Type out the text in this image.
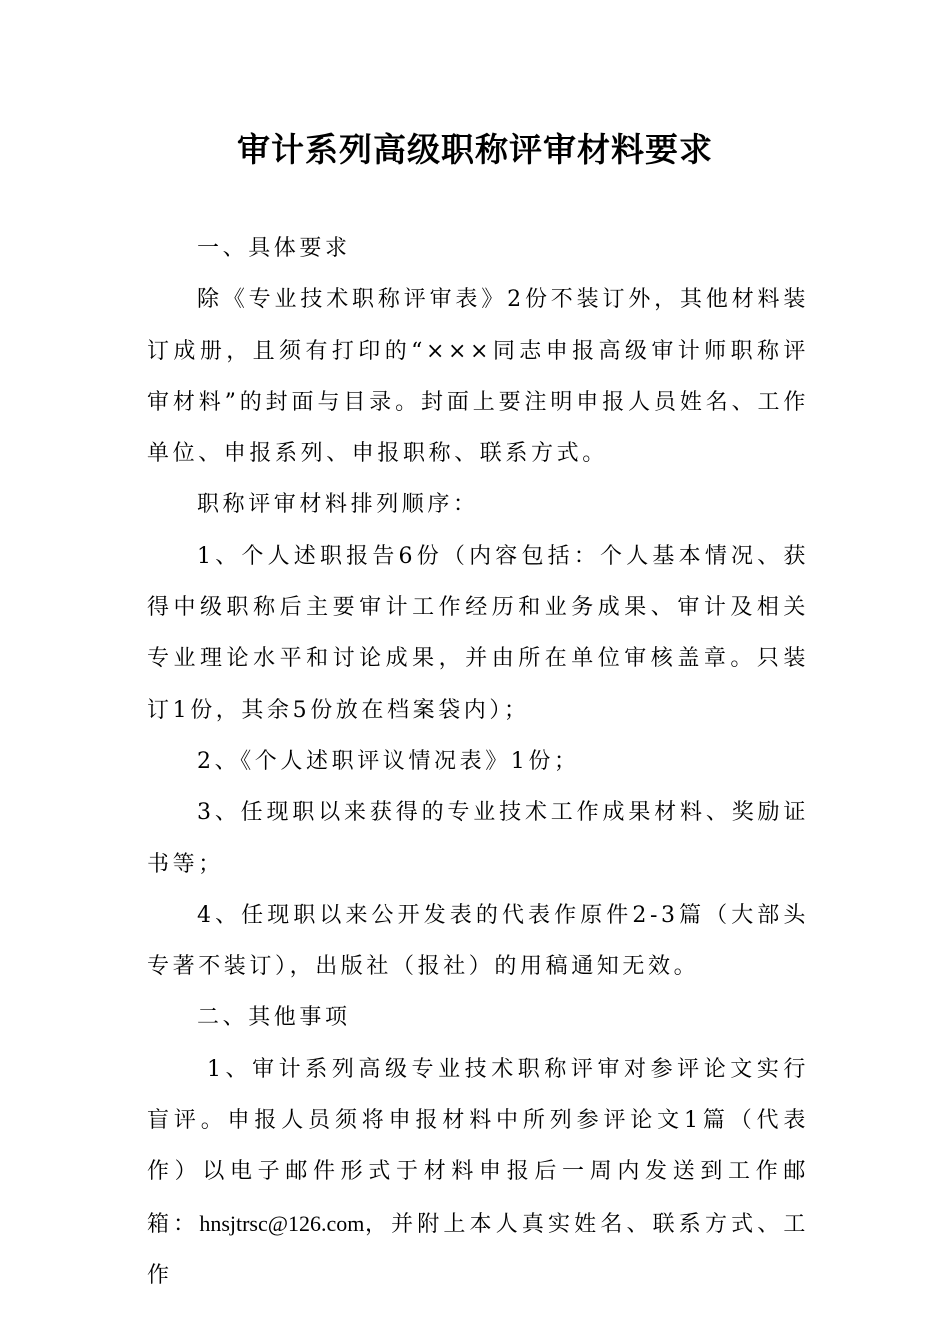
审计系列高级职称评审材料要求

一、具体要求

除《专业技术职称评审表》2份不装订外，其他材料装订成册，且须有打印的“×××同志申报高级审计师职称评审材料”的封面与目录。封面上要注明申报人员姓名、工作单位、申报系列、申报职称、联系方式。

职称评审材料排列顺序：

1、个人述职报告6份（内容包括：个人基本情况、获得中级职称后主要审计工作经历和业务成果、审计及相关专业理论水平和讨论成果，并由所在单位审核盖章。只装订1份，其余5份放在档案袋内）；

2、《个人述职评议情况表》1份；

3、任现职以来获得的专业技术工作成果材料、奖励证书等；

4、任现职以来公开发表的代表作原件2-3篇（大部头专著不装订），出版社（报社）的用稿通知无效。

二、其他事项

1、审计系列高级专业技术职称评审对参评论文实行盲评。申报人员须将申报材料中所列参评论文1篇（代表作）以电子邮件形式于材料申报后一周内发送到工作邮箱：hnsjtrsc@126.com，并附上本人真实姓名、联系方式、工作
